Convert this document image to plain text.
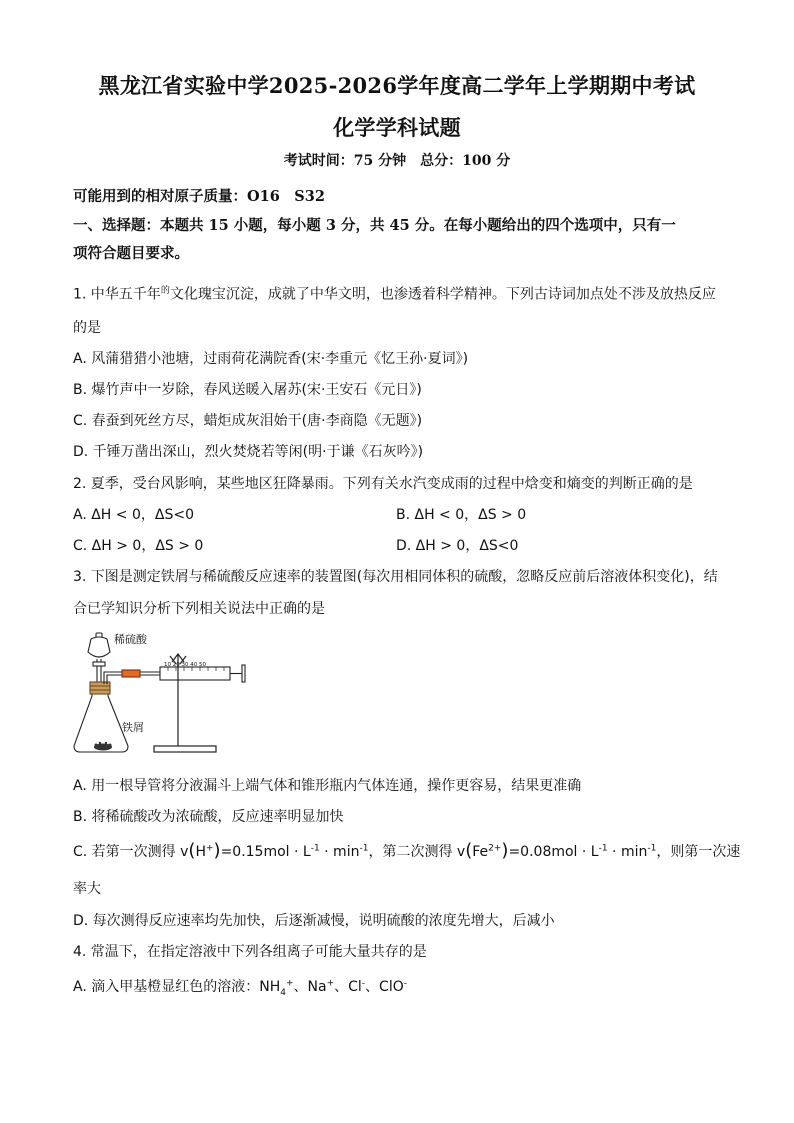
黑龙江省实验中学2025-2026学年度高二学年上学期期中考试
化学学科试题
考试时间：75 分钟　总分：100 分
可能用到的相对原子质量：O16　S32
一、选择题：本题共 15 小题，每小题 3 分，共 45 分。在每小题给出的四个选项中，只有一
项符合题目要求。
1. 中华五千年$^的$文化瑰宝沉淀，成就了中华文明，也渗透着科学精神。下列古诗词加点处不涉及放热反应
的是
A. 风蒲猎猎小池塘，过雨荷花满院香(宋·李重元《忆王孙·夏词》)
B. 爆竹声中一岁除，春风送暖入屠苏(宋·王安石《元日》)
C. 春蚕到死丝方尽，蜡炬成灰泪始干(唐·李商隐《无题》)
D. 千锤万凿出深山，烈火焚烧若等闲(明·于谦《石灰吟》)
2. 夏季，受台风影响，某些地区狂降暴雨。下列有关水汽变成雨的过程中焓变和熵变的判断正确的是
A. ΔH < 0，ΔS<0	B. ΔH < 0，ΔS > 0
C. ΔH > 0，ΔS > 0	D. ΔH > 0，ΔS<0
3. 下图是测定铁屑与稀硫酸反应速率的装置图(每次用相同体积的硫酸，忽略反应前后溶液体积变化)，结
合已学知识分析下列相关说法中正确的是
稀硫酸
铁屑
10 20 30 40 50
A. 用一根导管将分液漏斗上端气体和锥形瓶内气体连通，操作更容易，结果更准确
B. 将稀硫酸改为浓硫酸，反应速率明显加快
C. 若第一次测得 $v(H^+)=0.15mol \cdot L^{-1} \cdot \min^{-1}$，第二次测得 $v(Fe^{2+})=0.08mol \cdot L^{-1} \cdot \min^{-1}$，则第一次速
率大
D. 每次测得反应速率均先加快，后逐渐减慢，说明硫酸的浓度先增大，后减小
4. 常温下，在指定溶液中下列各组离子可能大量共存的是
A. 滴入甲基橙显红色的溶液：$NH_4^+$、Na+、Cl-、ClO-
